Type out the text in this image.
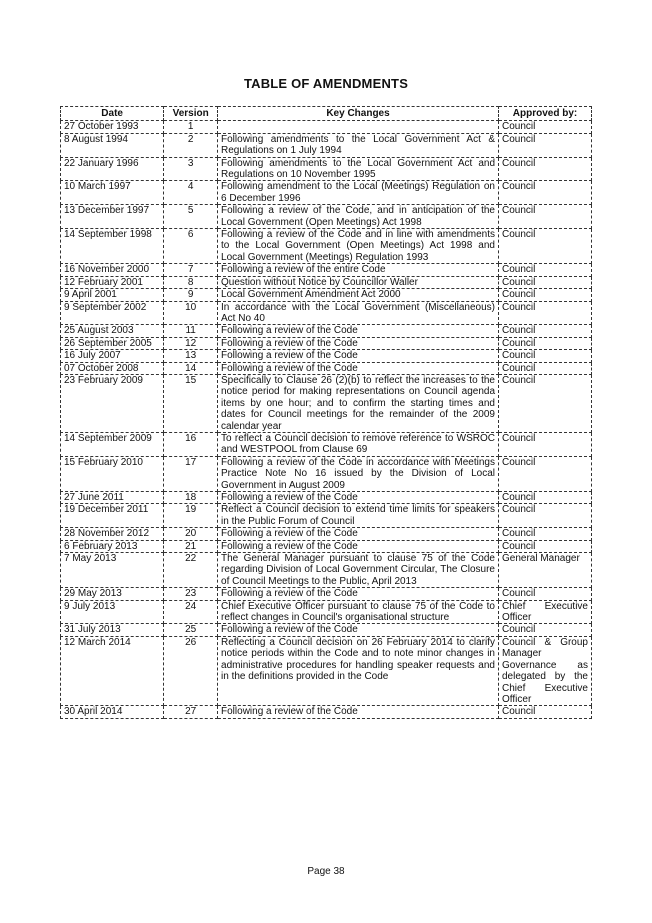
TABLE OF AMENDMENTS
Date	Version	Key Changes	Approved by:
27 October 1993	1		Council
8 August 1994	2	Following amendments to the Local Government Act & Regulations on 1 July 1994	Council
22 January 1996	3	Following amendments to the Local Government Act and Regulations on 10 November 1995	Council
10 March 1997	4	Following amendment to the Local (Meetings) Regulation on 6 December 1996	Council
13 December 1997	5	Following a review of the Code, and in anticipation of the Local Government (Open Meetings) Act 1998	Council
14 September 1998	6	Following a review of the Code and in line with amendments to the Local Government (Open Meetings) Act 1998 and Local Government (Meetings) Regulation 1993	Council
16 November 2000	7	Following a review of the entire Code	Council
12 February 2001	8	Question without Notice by Councillor Waller	Council
9 April 2001	9	Local Government Amendment Act 2000	Council
9 September 2002	10	In accordance with the Local Government (Miscellaneous) Act No 40	Council
25 August 2003	11	Following a review of the Code	Council
26 September 2005	12	Following a review of the Code	Council
16 July 2007	13	Following a review of the Code	Council
07 October 2008	14	Following a review of the Code	Council
23 February 2009	15	Specifically to Clause 26 (2)(b) to reflect the increases to the notice period for making representations on Council agenda items by one hour; and to confirm the starting times and dates for Council meetings for the remainder of the 2009 calendar year	Council
14 September 2009	16	To reflect a Council decision to remove reference to WSROC and WESTPOOL from Clause 69	Council
15 February 2010	17	Following a review of the Code in accordance with Meetings Practice Note No 16 issued by the Division of Local Government in August 2009	Council
27 June 2011	18	Following a review of the Code	Council
19 December 2011	19	Reflect a Council decision to extend time limits for speakers in the Public Forum of Council	Council
28 November 2012	20	Following a review of the Code	Council
6 February 2013	21	Following a review of the Code	Council
7 May 2013	22	The General Manager pursuant to clause 75 of the Code regarding Division of Local Government Circular, The Closure of Council Meetings to the Public, April 2013	General Manager
29 May 2013	23	Following a review of the Code	Council
9 July 2013	24	Chief Executive Officer pursuant to clause 75 of the Code to reflect changes in Council's organisational structure	Chief Executive Officer
31 July 2013	25	Following a review of the Code	Council
12 March 2014	26	Reflecting a Council decision on 26 February 2014 to clarify notice periods within the Code and to note minor changes in administrative procedures for handling speaker requests and in the definitions provided in the Code	Council & Group Manager Governance as delegated by the Chief Executive Officer
30 April 2014	27	Following a review of the Code	Council
Page 38
